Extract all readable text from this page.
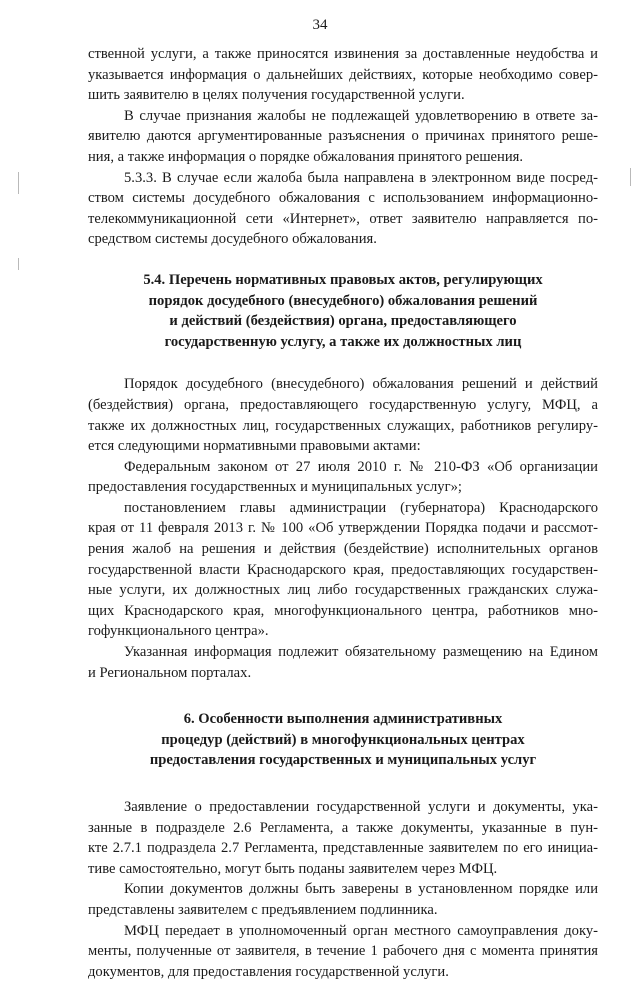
34
ственной услуги, а также приносятся извинения за доставленные неудобства и
указывается информация о дальнейших действиях, которые необходимо совер-
шить заявителю в целях получения государственной услуги.
В случае признания жалобы не подлежащей удовлетворению в ответе за-
явителю даются аргументированные разъяснения о причинах принятого реше-
ния, а также информация о порядке обжалования принятого решения.
5.3.3. В случае если жалоба была направлена в электронном виде посред-
ством системы досудебного обжалования с использованием информационно-
телекоммуникационной сети «Интернет», ответ заявителю направляется по-
средством системы досудебного обжалования.
5.4. Перечень нормативных правовых актов, регулирующих
порядок досудебного (внесудебного) обжалования решений
и действий (бездействия) органа, предоставляющего
государственную услугу, а также их должностных лиц
Порядок досудебного (внесудебного) обжалования решений и действий
(бездействия) органа, предоставляющего государственную услугу, МФЦ, а
также их должностных лиц, государственных служащих, работников регулиру-
ется следующими нормативными правовыми актами:
Федеральным законом от 27 июля 2010 г. № 210-ФЗ «Об организации
предоставления государственных и муниципальных услуг»;
постановлением главы администрации (губернатора) Краснодарского
края от 11 февраля 2013 г. № 100 «Об утверждении Порядка подачи и рассмот-
рения жалоб на решения и действия (бездействие) исполнительных органов
государственной власти Краснодарского края, предоставляющих государствен-
ные услуги, их должностных лиц либо государственных гражданских служа-
щих Краснодарского края, многофункционального центра, работников мно-
гофункционального центра».
Указанная информация подлежит обязательному размещению на Едином
и Региональном порталах.
6. Особенности выполнения административных
процедур (действий) в многофункциональных центрах
предоставления государственных и муниципальных услуг
Заявление о предоставлении государственной услуги и документы, ука-
занные в подразделе 2.6 Регламента, а также документы, указанные в пун-
кте 2.7.1 подраздела 2.7 Регламента, представленные заявителем по его инициа-
тиве самостоятельно, могут быть поданы заявителем через МФЦ.
Копии документов должны быть заверены в установленном порядке или
представлены заявителем с предъявлением подлинника.
МФЦ передает в уполномоченный орган местного самоуправления доку-
менты, полученные от заявителя, в течение 1 рабочего дня с момента принятия
документов, для предоставления государственной услуги.
